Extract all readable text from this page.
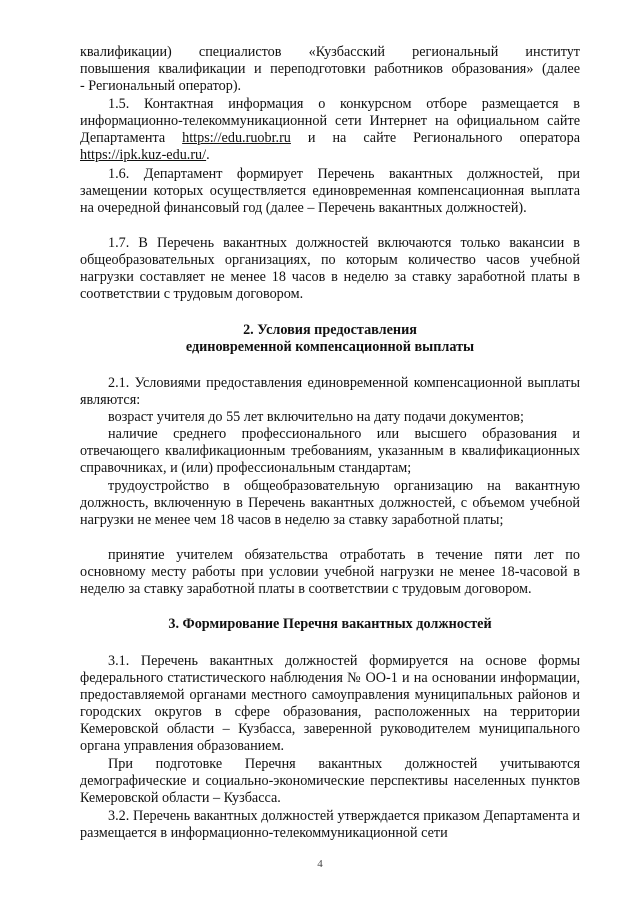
квалификации) специалистов «Кузбасский региональный институт
повышения квалификации и переподготовки работников образования» (далее
- Региональный оператор).

1.5. Контактная информация о конкурсном отборе размещается в информационно-телекоммуникационной сети Интернет на официальном сайте Департамента https://edu.ruobr.ru и на сайте Регионального оператора https://ipk.kuz-edu.ru/.

1.6. Департамент формирует Перечень вакантных должностей, при замещении которых осуществляется единовременная компенсационная выплата на очередной финансовый год (далее – Перечень вакантных должностей).

1.7. В Перечень вакантных должностей включаются только вакансии в общеобразовательных организациях, по которым количество часов учебной нагрузки составляет не менее 18 часов в неделю за ставку заработной платы в соответствии с трудовым договором.

2. Условия предоставления

единовременной компенсационной выплаты

2.1. Условиями предоставления единовременной компенсационной выплаты являются:

возраст учителя до 55 лет включительно на дату подачи документов;

наличие среднего профессионального или высшего образования и отвечающего квалификационным требованиям, указанным в квалификационных справочниках, и (или) профессиональным стандартам;

трудоустройство в общеобразовательную организацию на вакантную должность, включенную в Перечень вакантных должностей, с объемом учебной нагрузки не менее чем 18 часов в неделю за ставку заработной платы;

принятие учителем обязательства отработать в течение пяти лет по основному месту работы при условии учебной нагрузки не менее 18-часовой в неделю за ставку заработной платы в соответствии с трудовым договором.

3. Формирование Перечня вакантных должностей

3.1. Перечень вакантных должностей формируется на основе формы федерального статистического наблюдения № ОО-1 и на основании информации, предоставляемой органами местного самоуправления муниципальных районов и городских округов в сфере образования, расположенных на территории Кемеровской области – Кузбасса, заверенной руководителем муниципального органа управления образованием.

При подготовке Перечня вакантных должностей учитываются демографические и социально-экономические перспективы населенных пунктов Кемеровской области – Кузбасса.

3.2. Перечень вакантных должностей утверждается приказом Департамента и размещается в информационно-телекоммуникационной сети

4
